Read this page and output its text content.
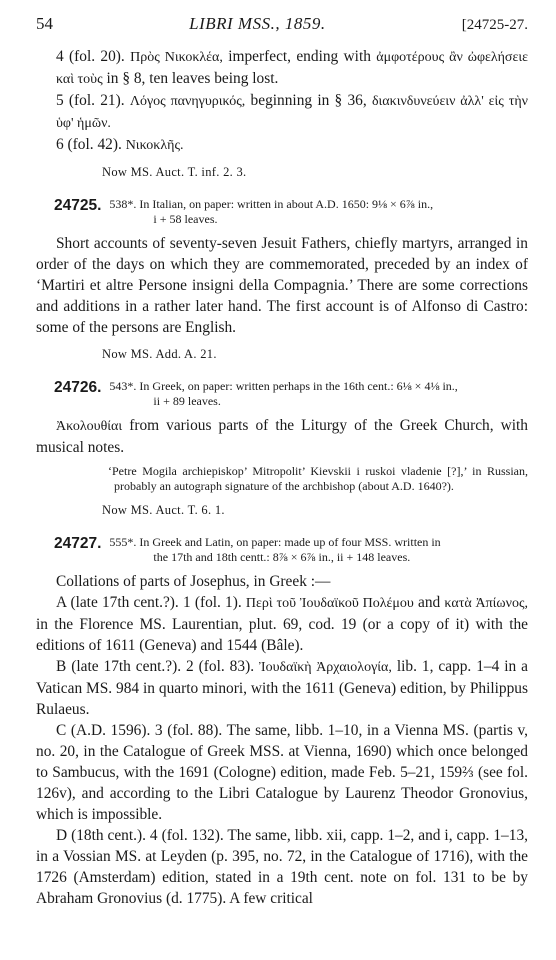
54	LIBRI MSS., 1859.	[24725-27.

4 (fol. 20). Πρὸς Νικοκλέα, imperfect, ending with ἀμφοτέρους ἂν ὠφελήσειε καὶ τοὺς in § 8, ten leaves being lost.

5 (fol. 21). Λόγος πανηγυρικός, beginning in § 36, διακινδυνεύειν ἀλλ' εἰς τὴν ὑφ' ἡμῶν.

6 (fol. 42). Νικοκλῆς.

Now MS. Auct. T. inf. 2. 3.

24725. 538*. In Italian, on paper: written in about A.D. 1650: 9⅛ × 6⅞ in.,
i + 58 leaves.

Short accounts of seventy-seven Jesuit Fathers, chiefly martyrs, arranged in order of the days on which they are commemorated, preceded by an index of ‘Martiri et altre Persone insigni della Compagnia.’ There are some corrections and additions in a rather later hand. The first account is of Alfonso di Castro: some of the persons are English.

Now MS. Add. A. 21.

24726. 543*. In Greek, on paper: written perhaps in the 16th cent.: 6⅛ × 4⅛ in.,
ii + 89 leaves.

Ἀκολουθίαι from various parts of the Liturgy of the Greek Church, with musical notes.

‘Petre Mogila archiepiskop’ Mitropolit’ Kievskii i ruskoi vladenie [?],’ in Russian, probably an autograph signature of the archbishop (about A.D. 1640?).

Now MS. Auct. T. 6. 1.

24727. 555*. In Greek and Latin, on paper: made up of four MSS. written in
the 17th and 18th centt.: 8⅞ × 6⅞ in., ii + 148 leaves.

Collations of parts of Josephus, in Greek :—

A (late 17th cent.?). 1 (fol. 1). Περὶ τοῦ Ἰουδαϊκοῦ Πολέμου and κατὰ Ἀπίωνος, in the Florence MS. Laurentian, plut. 69, cod. 19 (or a copy of it) with the editions of 1611 (Geneva) and 1544 (Bâle).

B (late 17th cent.?). 2 (fol. 83). Ἰουδαϊκὴ Ἀρχαιολογία, lib. 1, capp. 1–4 in a Vatican MS. 984 in quarto minori, with the 1611 (Geneva) edition, by Philippus Rulaeus.

C (A.D. 1596). 3 (fol. 88). The same, libb. 1–10, in a Vienna MS. (partis v, no. 20, in the Catalogue of Greek MSS. at Vienna, 1690) which once belonged to Sambucus, with the 1691 (Cologne) edition, made Feb. 5–21, 159⅔ (see fol. 126v), and according to the Libri Catalogue by Laurenz Theodor Gronovius, which is impossible.

D (18th cent.). 4 (fol. 132). The same, libb. xii, capp. 1–2, and i, capp. 1–13, in a Vossian MS. at Leyden (p. 395, no. 72, in the Catalogue of 1716), with the 1726 (Amsterdam) edition, stated in a 19th cent. note on fol. 131 to be by Abraham Gronovius (d. 1775). A few critical
